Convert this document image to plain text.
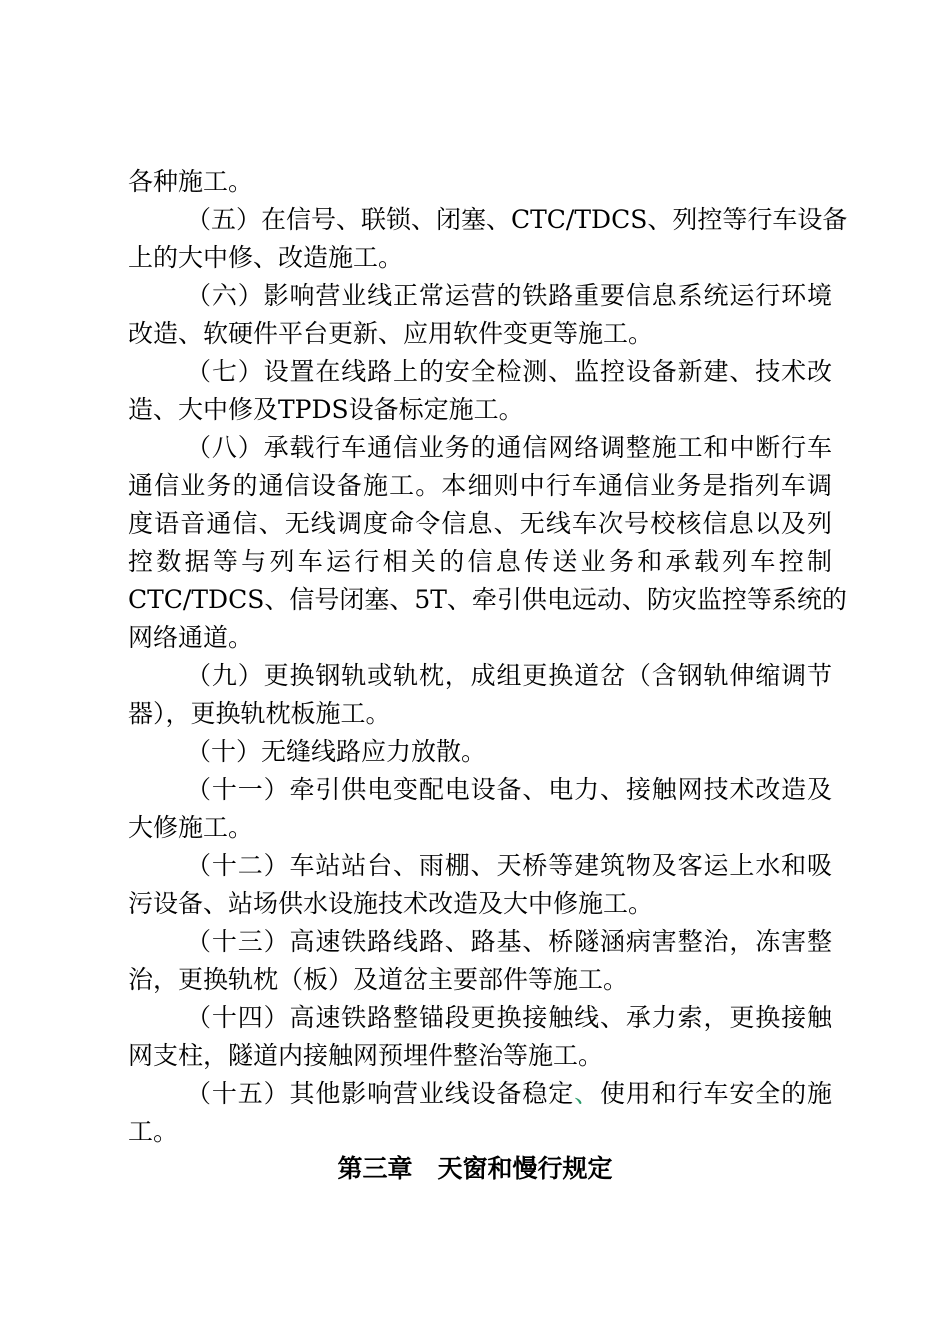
各种施工。
（五）在信号、联锁、闭塞、CTC/TDCS、列控等行车设备
上的大中修、改造施工。
（六）影响营业线正常运营的铁路重要信息系统运行环境
改造、软硬件平台更新、应用软件变更等施工。
（七）设置在线路上的安全检测、监控设备新建、技术改
造、大中修及TPDS设备标定施工。
（八）承载行车通信业务的通信网络调整施工和中断行车
通信业务的通信设备施工。本细则中行车通信业务是指列车调
度语音通信、无线调度命令信息、无线车次号校核信息以及列
控数据等与列车运行相关的信息传送业务和承载列车控制
CTC/TDCS、信号闭塞、5T、牵引供电远动、防灾监控等系统的
网络通道。
（九）更换钢轨或轨枕，成组更换道岔（含钢轨伸缩调节
器），更换轨枕板施工。
（十）无缝线路应力放散。
（十一）牵引供电变配电设备、电力、接触网技术改造及
大修施工。
（十二）车站站台、雨棚、天桥等建筑物及客运上水和吸
污设备、站场供水设施技术改造及大中修施工。
（十三）高速铁路线路、路基、桥隧涵病害整治，冻害整
治，更换轨枕（板）及道岔主要部件等施工。
（十四）高速铁路整锚段更换接触线、承力索，更换接触
网支柱，隧道内接触网预埋件整治等施工。
（十五）其他影响营业线设备稳定、使用和行车安全的施
工。
第三章　天窗和慢行规定
